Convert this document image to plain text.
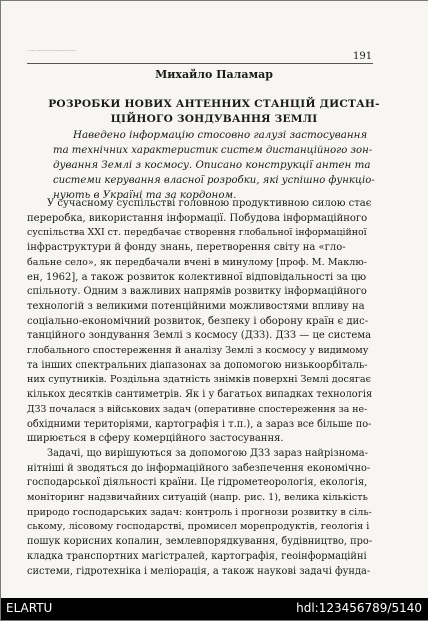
М. Паламар. Розробки нових антенних станцій дистанційного зондування...	191
Михайло Паламар
РОЗРОБКИ НОВИХ АНТЕННИХ СТАНЦІЙ ДИСТАН-
ЦІЙНОГО ЗОНДУВАННЯ ЗЕМЛІ
Наведено інформацію стосовно галузі застосування
та технічних характеристик систем дистанційного зон-
дування Землі з космосу. Описано конструкції антен та
системи керування власної розробки, які успішно функціо-
нують в Україні та за кордоном.
У сучасному суспільстві головною продуктивною силою стає
переробка, використання інформації. Побудова інформаційного
суспільства XXI ст. передбачає створення глобальної інформаційної
інфраструктури й фонду знань, перетворення світу на «гло-
бальне село», як передбачали вчені в минулому [проф. М. Маклю-
ен, 1962], а також розвиток колективної відповідальності за цю
спільноту. Одним з важливих напрямів розвитку інформаційного
технологій з великими потенційними можливостями впливу на
соціально-економічний розвиток, безпеку і оборону країн є дис-
танційного зондування Землі з космосу (ДЗЗ). ДЗЗ — це система
глобального спостереження й аналізу Землі з космосу у видимому
та інших спектральних діапазонах за допомогою низькоорбіталь-
них супутників. Роздільна здатність знімків поверхні Землі досягає
кількох десятків сантиметрів. Як і у багатьох випадках технологія
ДЗЗ почалася з військових задач (оперативне спостереження за не-
обхідними територіями, картографія і т.п.), а зараз все більше по-
ширюється в сферу комерційного застосування.
Задачі, що вирішуються за допомогою ДЗЗ зараз найрізнома-
нітніші й зводяться до інформаційного забезпечення економічно-
господарської діяльності країни. Це гідрометеорологія, екологія,
моніторинг надзвичайних ситуацій (напр. рис. 1), велика кількість
природо господарських задач: контроль і прогнози розвитку в сіль-
ському, лісовому господарстві, промисел морепродуктів, геологія і
пошук корисних копалин, землевпорядкування, будівництво, про-
кладка транспортних магістралей, картографія, геоінформаційні
системи, гідротехніка і меліорація, а також наукові задачі фунда-
ELARTU	hdl:123456789/5140
